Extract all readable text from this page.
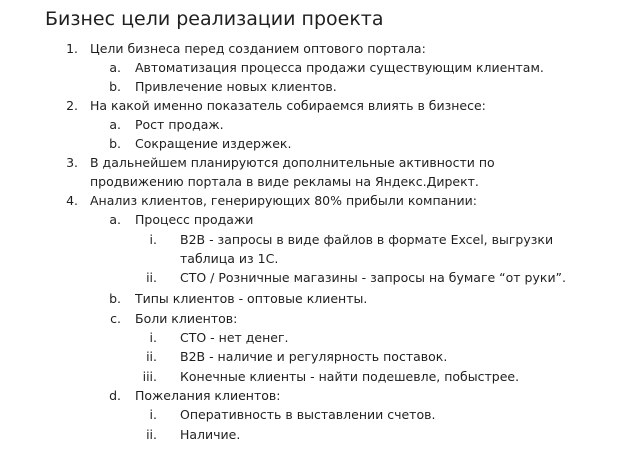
Бизнес цели реализации проекта
1. Цели бизнеса перед созданием оптового портала:
a. Автоматизация процесса продажи существующим клиентам.
b. Привлечение новых клиентов.
2. На какой именно показатель собираемся влиять в бизнесе:
a. Рост продаж.
b. Сокращение издержек.
3. В дальнейшем планируются дополнительные активности по
продвижению портала в виде рекламы на Яндекс.Директ.
4. Анализ клиентов, генерирующих 80% прибыли компании:
a. Процесс продажи
i. B2B - запросы в виде файлов в формате Excel, выгрузки
таблица из 1С.
ii. СТО / Розничные магазины - запросы на бумаге “от руки”.
b. Типы клиентов - оптовые клиенты.
c. Боли клиентов:
i. СТО - нет денег.
ii. B2B - наличие и регулярность поставок.
iii. Конечные клиенты - найти подешевле, побыстрее.
d. Пожелания клиентов:
i. Оперативность в выставлении счетов.
ii. Наличие.
